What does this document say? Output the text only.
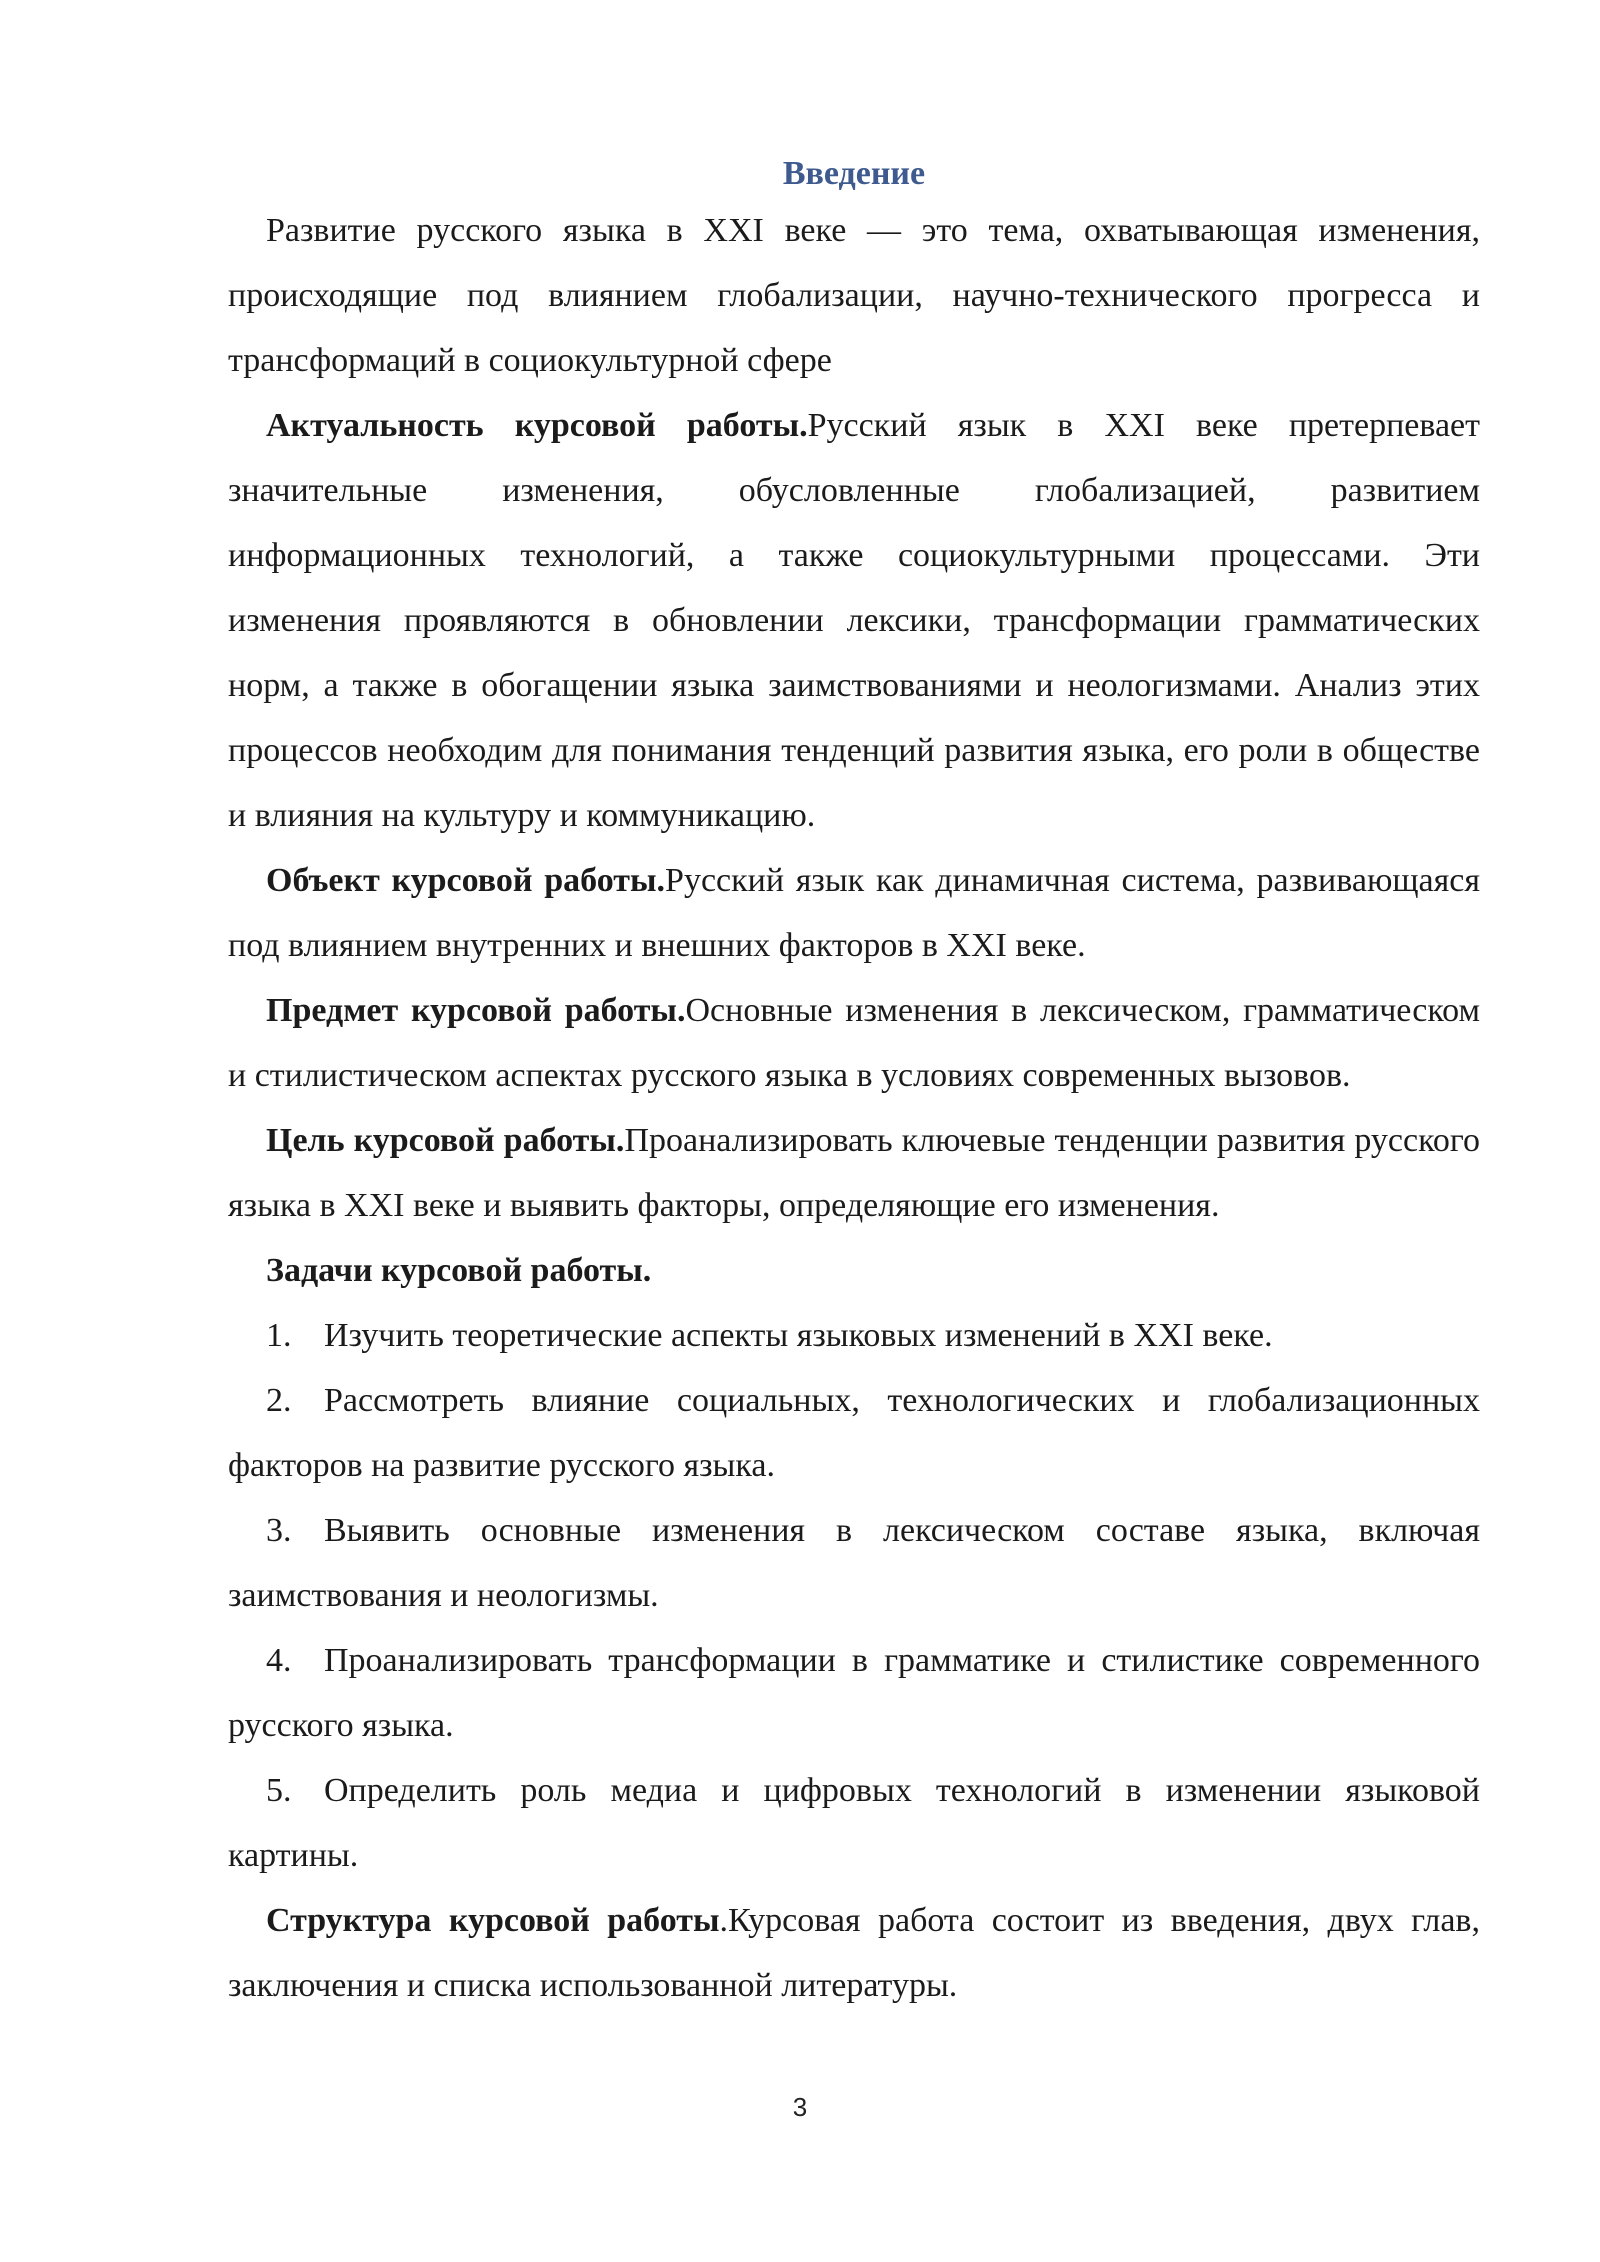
Введение

Развитие русского языка в XXI веке — это тема, охватывающая изменения, происходящие под влиянием глобализации, научно-технического прогресса и трансформаций в социокультурной сфере

Актуальность курсовой работы.Русский язык в XXI веке претерпевает значительные изменения, обусловленные глобализацией, развитием информационных технологий, а также социокультурными процессами. Эти изменения проявляются в обновлении лексики, трансформации грамматических норм, а также в обогащении языка заимствованиями и неологизмами. Анализ этих процессов необходим для понимания тенденций развития языка, его роли в обществе и влияния на культуру и коммуникацию.

Объект курсовой работы.Русский язык как динамичная система, развивающаяся под влиянием внутренних и внешних факторов в XXI веке.

Предмет курсовой работы.Основные изменения в лексическом, грамматическом и стилистическом аспектах русского языка в условиях современных вызовов.

Цель курсовой работы.Проанализировать ключевые тенденции развития русского языка в XXI веке и выявить факторы, определяющие его изменения.

Задачи курсовой работы.

1. Изучить теоретические аспекты языковых изменений в XXI веке.

2. Рассмотреть влияние социальных, технологических и глобализационных факторов на развитие русского языка.

3. Выявить основные изменения в лексическом составе языка, включая заимствования и неологизмы.

4. Проанализировать трансформации в грамматике и стилистике современного русского языка.

5. Определить роль медиа и цифровых технологий в изменении языковой картины.

Структура курсовой работы.Курсовая работа состоит из введения, двух глав, заключения и списка использованной литературы.

3
